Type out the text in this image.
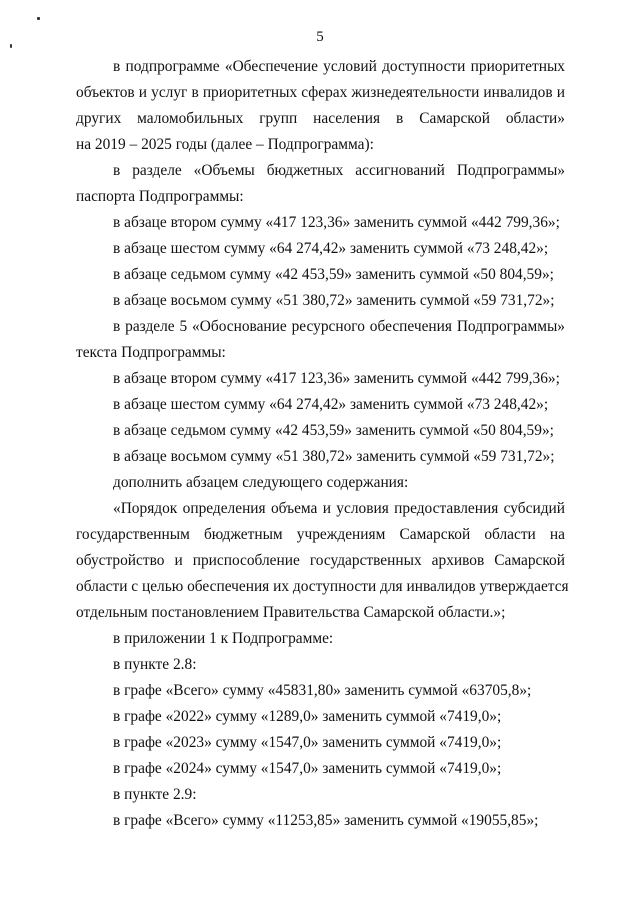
5
в подпрограмме «Обеспечение условий доступности приоритетных
объектов и услуг в приоритетных сферах жизнедеятельности инвалидов и
других маломобильных групп населения в Самарской области»
на 2019 – 2025 годы (далее – Подпрограмма):
в разделе «Объемы бюджетных ассигнований Подпрограммы»
паспорта Подпрограммы:
в абзаце втором сумму «417 123,36» заменить суммой «442 799,36»;
в абзаце шестом сумму «64 274,42» заменить суммой «73 248,42»;
в абзаце седьмом сумму «42 453,59» заменить суммой «50 804,59»;
в абзаце восьмом сумму «51 380,72» заменить суммой «59 731,72»;
в разделе 5 «Обоснование ресурсного обеспечения Подпрограммы»
текста Подпрограммы:
в абзаце втором сумму «417 123,36» заменить суммой «442 799,36»;
в абзаце шестом сумму «64 274,42» заменить суммой «73 248,42»;
в абзаце седьмом сумму «42 453,59» заменить суммой «50 804,59»;
в абзаце восьмом сумму «51 380,72» заменить суммой «59 731,72»;
дополнить абзацем следующего содержания:
«Порядок определения объема и условия предоставления субсидий
государственным бюджетным учреждениям Самарской области на
обустройство и приспособление государственных архивов Самарской
области с целью обеспечения их доступности для инвалидов утверждается
отдельным постановлением Правительства Самарской области.»;
в приложении 1 к Подпрограмме:
в пункте 2.8:
в графе «Всего» сумму «45831,80» заменить суммой «63705,8»;
в графе «2022» сумму «1289,0» заменить суммой «7419,0»;
в графе «2023» сумму «1547,0» заменить суммой «7419,0»;
в графе «2024» сумму «1547,0» заменить суммой «7419,0»;
в пункте 2.9:
в графе «Всего» сумму «11253,85» заменить суммой «19055,85»;
